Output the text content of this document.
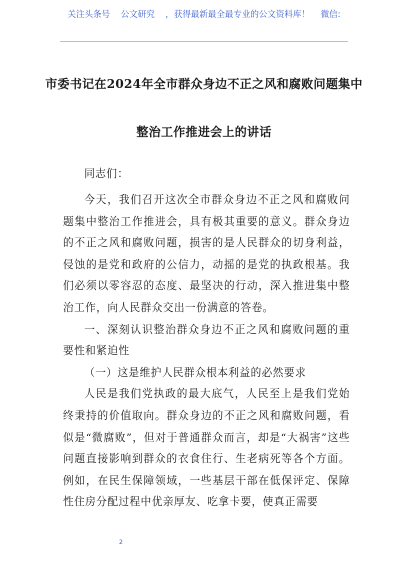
关注头条号 公文研究 ，获得最新最全最专业的公文资料库！ 微信:
市委书记在2024年全市群众身边不正之风和腐败问题集中
整治工作推进会上的讲话
同志们：

今天，我们召开这次全市群众身边不正之风和腐败问题集中整治工作推进会，具有极其重要的意义。群众身边的不正之风和腐败问题，损害的是人民群众的切身利益，侵蚀的是党和政府的公信力，动摇的是党的执政根基。我们必须以零容忍的态度、最坚决的行动，深入推进集中整治工作，向人民群众交出一份满意的答卷。

一、深刻认识整治群众身边不正之风和腐败问题的重要性和紧迫性

（一）这是维护人民群众根本利益的必然要求

人民是我们党执政的最大底气，人民至上是我们党始终秉持的价值取向。群众身边的不正之风和腐败问题，看似是“微腐败”，但对于普通群众而言，却是“大祸害”这些问题直接影响到群众的衣食住行、生老病死等各个方面。例如，在民生保障领域，一些基层干部在低保评定、保障性住房分配过程中优亲厚友、吃拿卡要，使真正需要

2
